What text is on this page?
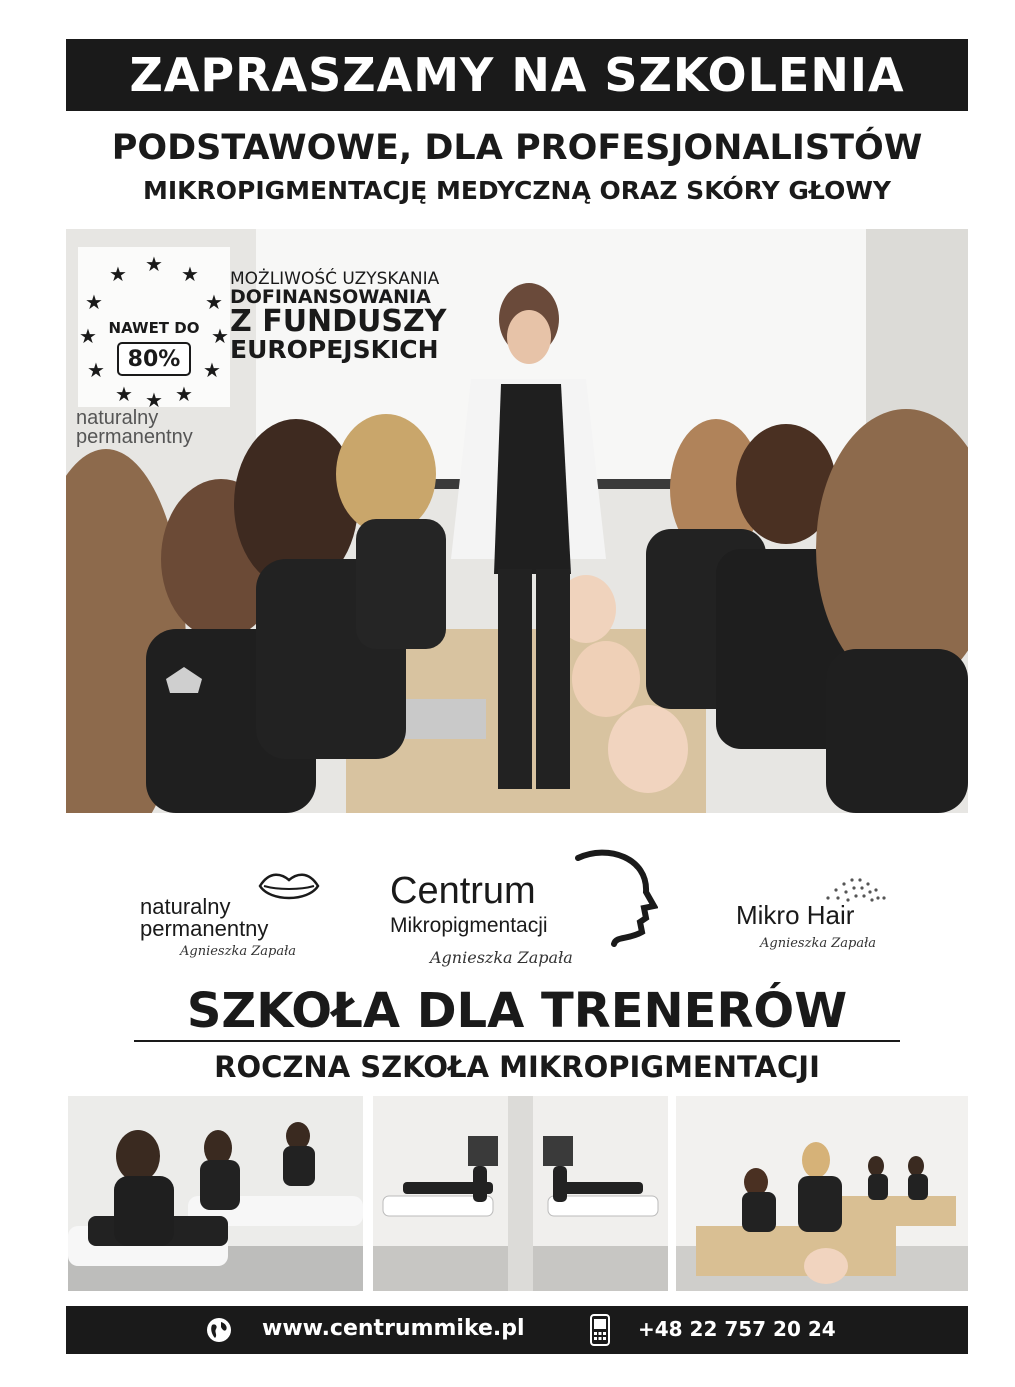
ZAPRASZAMY NA SZKOLENIA
PODSTAWOWE, DLA PROFESJONALISTÓW
MIKROPIGMENTACJĘ MEDYCZNĄ ORAZ SKÓRY GŁOWY
★ ★
★
★
★
★
★
★
★
★
★
★
NAWET DO
80%
MOŻLIWOŚĆ UZYSKANIA
DOFINANSOWANIA
Z FUNDUSZY
EUROPEJSKICH
naturalny
permanentny
naturalny
permanentny
Agnieszka Zapała
Centrum
Mikropigmentacji
Agnieszka Zapała
Mikro Hair
Agnieszka Zapała
SZKOŁA DLA TRENERÓW
ROCZNA SZKOŁA MIKROPIGMENTACJI
www.centrummike.pl	+48 22 757 20 24
